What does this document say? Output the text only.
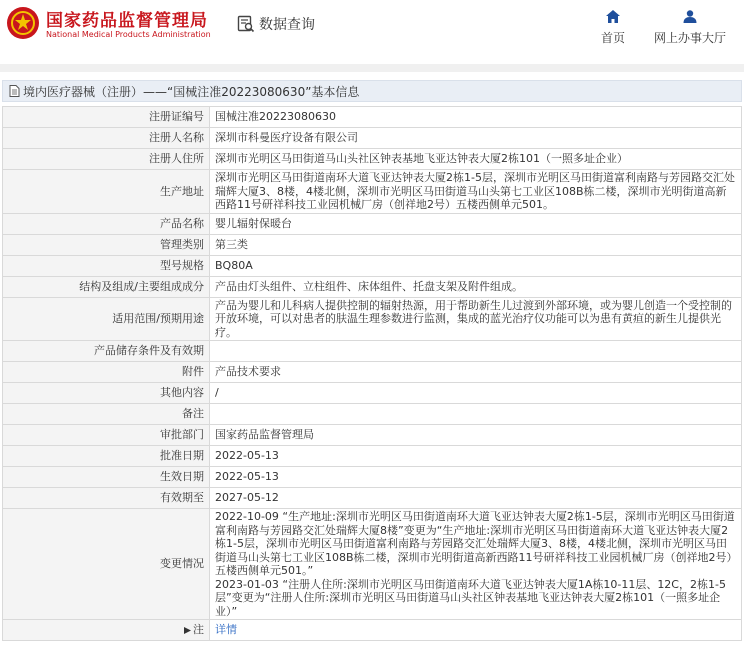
国家药品监督管理局
National Medical Products Administration
数据查询
首页 网上办事大厅
境内医疗器械（注册）——“国械注准20223080630”基本信息
注册证编号	国械注准20223080630
注册人名称	深圳市科曼医疗设备有限公司
注册人住所	深圳市光明区马田街道马山头社区钟表基地飞亚达钟表大厦2栋101（一照多址企业）
生产地址	深圳市光明区马田街道南环大道飞亚达钟表大厦2栋1-5层，深圳市光明区马田街道富利南路与芳园路交汇处瑞辉大厦3、8楼，4楼北侧，深圳市光明区马田街道马山头第七工业区108B栋二楼，深圳市光明街道高新西路11号研祥科技工业园机械厂房（创祥地2号）五楼西侧单元501。
产品名称	婴儿辐射保暖台
管理类别	第三类
型号规格	BQ80A
结构及组成/主要组成成分	产品由灯头组件、立柱组件、床体组件、托盘支架及附件组成。
适用范围/预期用途	产品为婴儿和儿科病人提供控制的辐射热源，用于帮助新生儿过渡到外部环境，或为婴儿创造一个受控制的开放环境，可以对患者的肤温生理参数进行监测，集成的蓝光治疗仪功能可以为患有黄疸的新生儿提供光疗。
产品储存条件及有效期	
附件	产品技术要求
其他内容	/
备注	
审批部门	国家药品监督管理局
批准日期	2022-05-13
生效日期	2022-05-13
有效期至	2027-05-12
变更情况	2022-10-09 “生产地址:深圳市光明区马田街道南环大道飞亚达钟表大厦2栋1-5层，深圳市光明区马田街道富利南路与芳园路交汇处瑞辉大厦8楼”变更为“生产地址:深圳市光明区马田街道南环大道飞亚达钟表大厦2栋1-5层，深圳市光明区马田街道富利南路与芳园路交汇处瑞辉大厦3、8楼，4楼北侧，深圳市光明区马田街道马山头第七工业区108B栋二楼，深圳市光明街道高新西路11号研祥科技工业园机械厂房（创祥地2号）五楼西侧单元501。”
2023-01-03 “注册人住所:深圳市光明区马田街道南环大道飞亚达钟表大厦1A栋10-11层、12C，2栋1-5层”变更为“注册人住所:深圳市光明区马田街道马山头社区钟表基地飞亚达钟表大厦2栋101（一照多址企业）”
注	详情
